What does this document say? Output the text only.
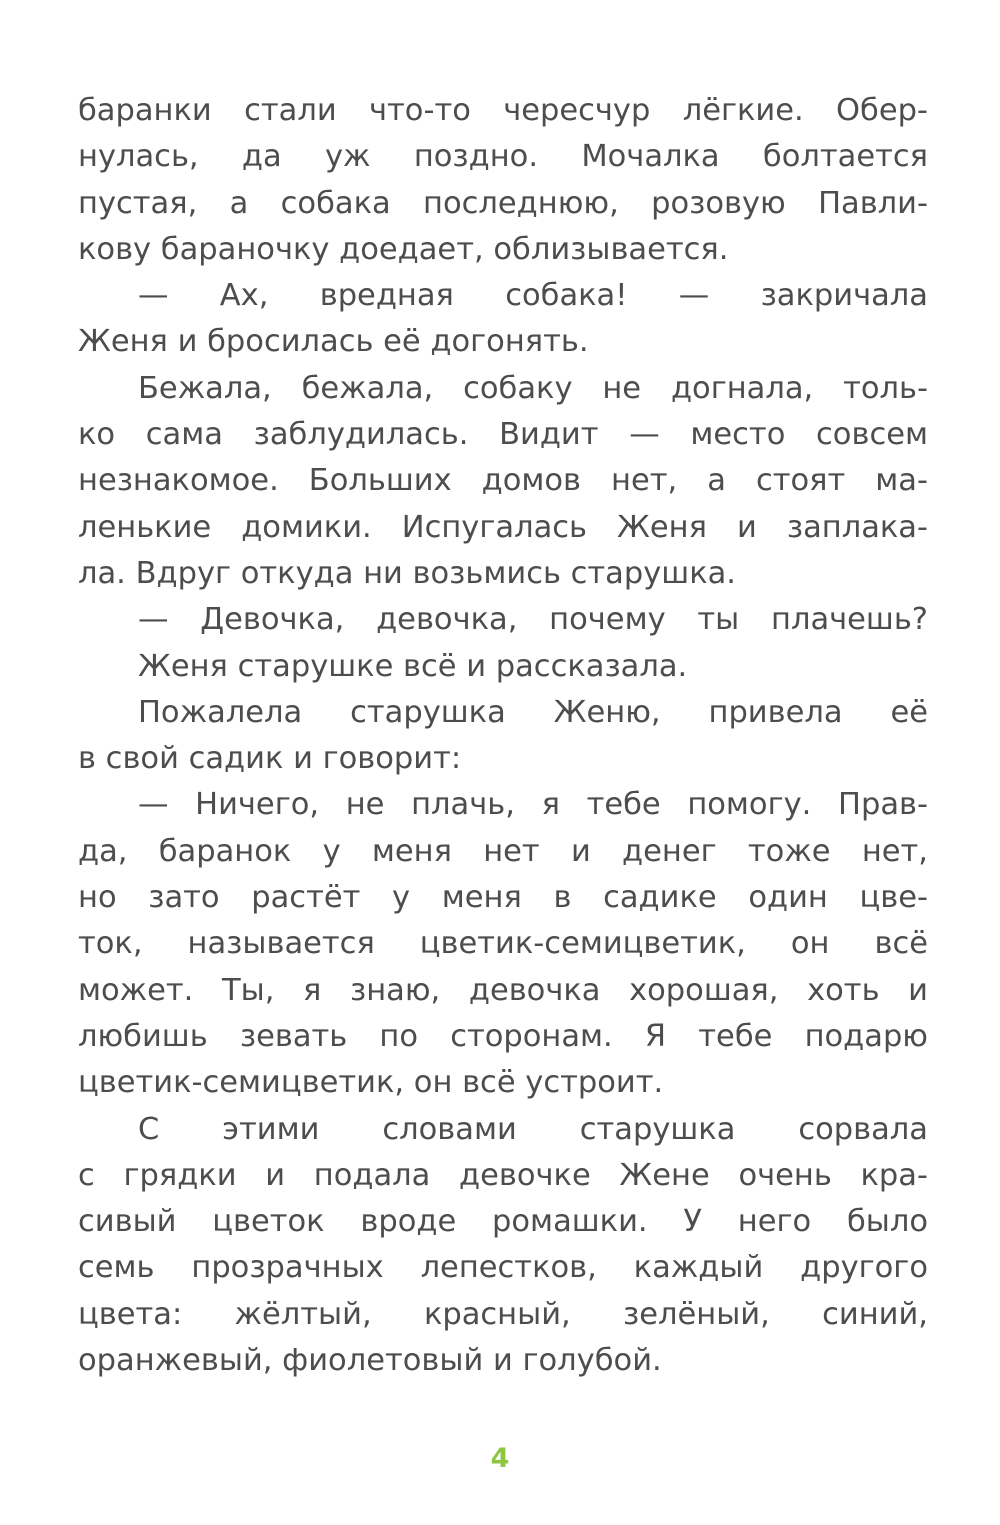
баранки стали что-то чересчур лёгкие. Обер-
нулась, да уж поздно. Мочалка болтается
пустая, а собака последнюю, розовую Павли-
кову бараночку доедает, облизывается.
— Ах, вредная собака! — закричала
Женя и бросилась её догонять.
Бежала, бежала, собаку не догнала, толь-
ко сама заблудилась. Видит — место совсем
незнакомое. Больших домов нет, а стоят ма-
ленькие домики. Испугалась Женя и заплака-
ла. Вдруг откуда ни возьмись старушка.
— Девочка, девочка, почему ты плачешь?
Женя старушке всё и рассказала.
Пожалела старушка Женю, привела её
в свой садик и говорит:
— Ничего, не плачь, я тебе помогу. Прав-
да, баранок у меня нет и денег тоже нет,
но зато растёт у меня в садике один цве-
ток, называется цветик-семицветик, он всё
может. Ты, я знаю, девочка хорошая, хоть и
любишь зевать по сторонам. Я тебе подарю
цветик-семицветик, он всё устроит.
С этими словами старушка сорвала
с грядки и подала девочке Жене очень кра-
сивый цветок вроде ромашки. У него было
семь прозрачных лепестков, каждый другого
цвета: жёлтый, красный, зелёный, синий,
оранжевый, фиолетовый и голубой.
4
